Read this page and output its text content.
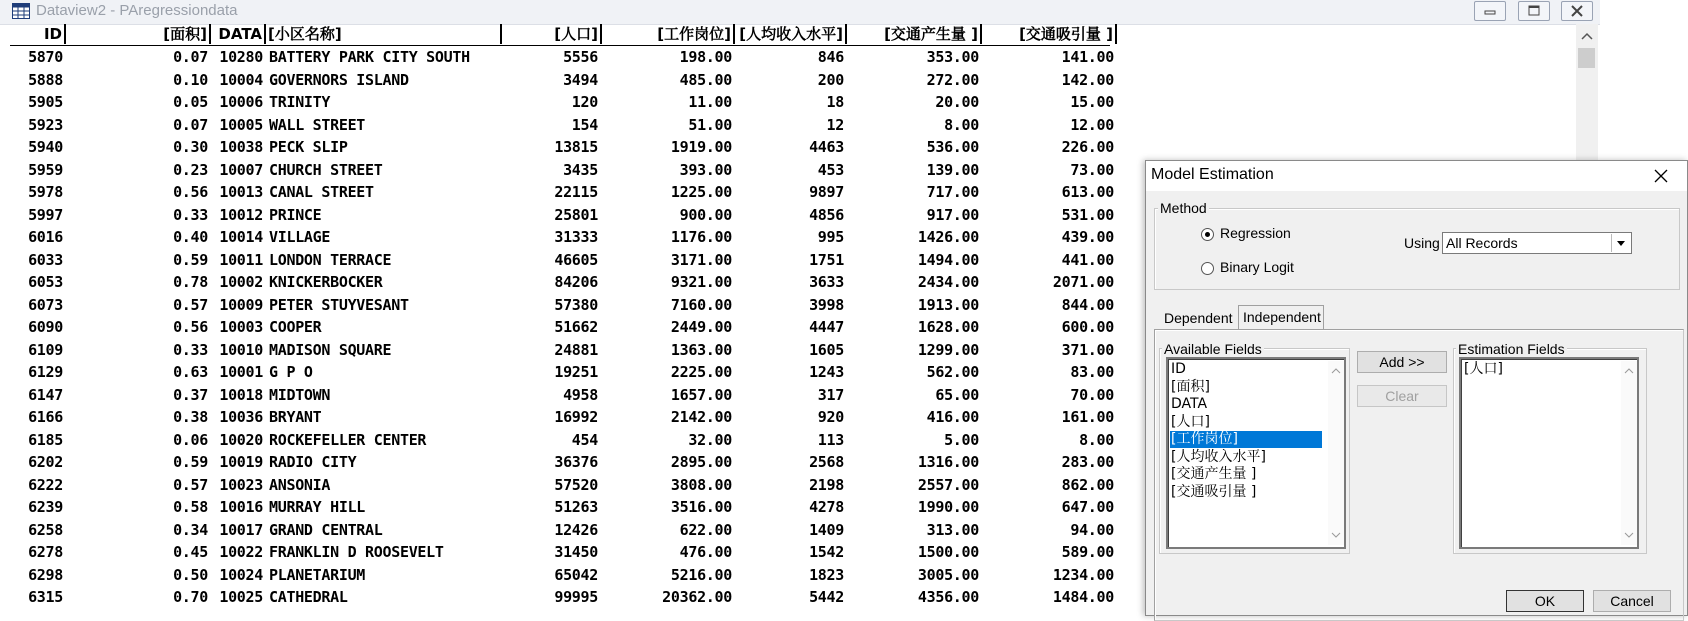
Dataview2 - PAregressiondata
ID	[面积] DATA [小区名称]	[人口]	[工作岗位] [人均收入水平]	[交通产生量 ]	[交通吸引量 ]
5870	0.07 10280 BATTERY PARK CITY SOUTH	5556	198.00	846	353.00	141.00
5888	0.10 10004 GOVERNORS ISLAND	3494	485.00	200	272.00	142.00
5905	0.05 10006 TRINITY	120	11.00	18	20.00	15.00
5923	0.07 10005 WALL STREET	154	51.00	12	8.00	12.00
5940	0.30 10038 PECK SLIP	13815	1919.00	4463	536.00	226.00
5959	0.23 10007 CHURCH STREET	3435	393.00	453	139.00	73.00
5978	0.56 10013 CANAL STREET	22115	1225.00	9897	717.00	613.00
5997	0.33 10012 PRINCE	25801	900.00	4856	917.00	531.00
6016	0.40 10014 VILLAGE	31333	1176.00	995	1426.00	439.00
6033	0.59 10011 LONDON TERRACE	46605	3171.00	1751	1494.00	441.00
6053	0.78 10002 KNICKERBOCKER	84206	9321.00	3633	2434.00	2071.00
6073	0.57 10009 PETER STUYVESANT	57380	7160.00	3998	1913.00	844.00
6090	0.56 10003 COOPER	51662	2449.00	4447	1628.00	600.00
6109	0.33 10010 MADISON SQUARE	24881	1363.00	1605	1299.00	371.00
6129	0.63 10001 G P O	19251	2225.00	1243	562.00	83.00
6147	0.37 10018 MIDTOWN	4958	1657.00	317	65.00	70.00
6166	0.38 10036 BRYANT	16992	2142.00	920	416.00	161.00
6185	0.06 10020 ROCKEFELLER CENTER	454	32.00	113	5.00	8.00
6202	0.59 10019 RADIO CITY	36376	2895.00	2568	1316.00	283.00
6222	0.57 10023 ANSONIA	57520	3808.00	2198	2557.00	862.00
6239	0.58 10016 MURRAY HILL	51263	3516.00	4278	1990.00	647.00
6258	0.34 10017 GRAND CENTRAL	12426	622.00	1409	313.00	94.00
6278	0.45 10022 FRANKLIN D ROOSEVELT	31450	476.00	1542	1500.00	589.00
6298	0.50 10024 PLANETARIUM	65042	5216.00	1823	3005.00	1234.00
6315	0.70 10025 CATHEDRAL	99995	20362.00	5442	4356.00	1484.00
Model Estimation
Method
Regression
Binary Logit
Using All Records
Dependent Independent
Available Fields
ID
[面积]
DATA
[人口]
[工作岗位]
[人均收入水平]
[交通产生量 ]
[交通吸引量 ]
Add >>
Clear
Estimation Fields
[人口]
OK	Cancel
